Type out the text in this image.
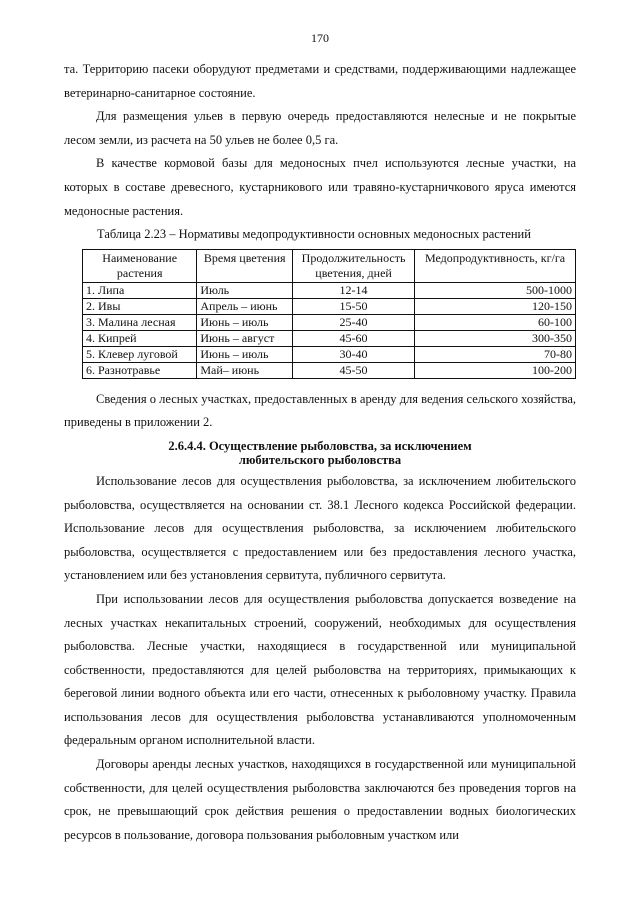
170

та. Территорию пасеки оборудуют предметами и средствами, поддерживающими надлежащее ветеринарно-санитарное состояние.

Для размещения ульев в первую очередь предоставляются нелесные и не покрытые лесом земли, из расчета на 50 ульев не более 0,5 га.

В качестве кормовой базы для медоносных пчел используются лесные участки, на которых в составе древесного, кустарникового или травяно-кустарничкового яруса имеются медоносные растения.

Таблица 2.23 – Нормативы медопродуктивности основных медоносных растений

Наименование растения	Время цветения	Продолжительность цветения, дней	Медопродуктивность, кг/га
1. Липа	Июль	12-14	500-1000
2. Ивы	Апрель – июнь	15-50	120-150
3. Малина лесная	Июнь – июль	25-40	60-100
4. Кипрей	Июнь – август	45-60	300-350
5. Клевер луговой	Июнь – июль	30-40	70-80
6. Разнотравье	Май– июнь	45-50	100-200

Сведения о лесных участках, предоставленных в аренду для ведения сельского хозяйства, приведены в приложении 2.

2.6.4.4. Осуществление рыболовства, за исключением
любительского рыболовства

Использование лесов для осуществления рыболовства, за исключением любительского рыболовства, осуществляется на основании ст. 38.1 Лесного кодекса Российской федерации. Использование лесов для осуществления рыболовства, за исключением любительского рыболовства, осуществляется с предоставлением или без предоставления лесного участка, установлением или без установления сервитута, публичного сервитута.

При использовании лесов для осуществления рыболовства допускается возведение на лесных участках некапитальных строений, сооружений, необходимых для осуществления рыболовства. Лесные участки, находящиеся в государственной или муниципальной собственности, предоставляются для целей рыболовства на территориях, примыкающих к береговой линии водного объекта или его части, отнесенных к рыболовному участку. Правила использования лесов для осуществления рыболовства устанавливаются уполномоченным федеральным органом исполнительной власти.

Договоры аренды лесных участков, находящихся в государственной или муниципальной собственности, для целей осуществления рыболовства заключаются без проведения торгов на срок, не превышающий срок действия решения о предоставлении водных биологических ресурсов в пользование, договора пользования рыболовным участком или
